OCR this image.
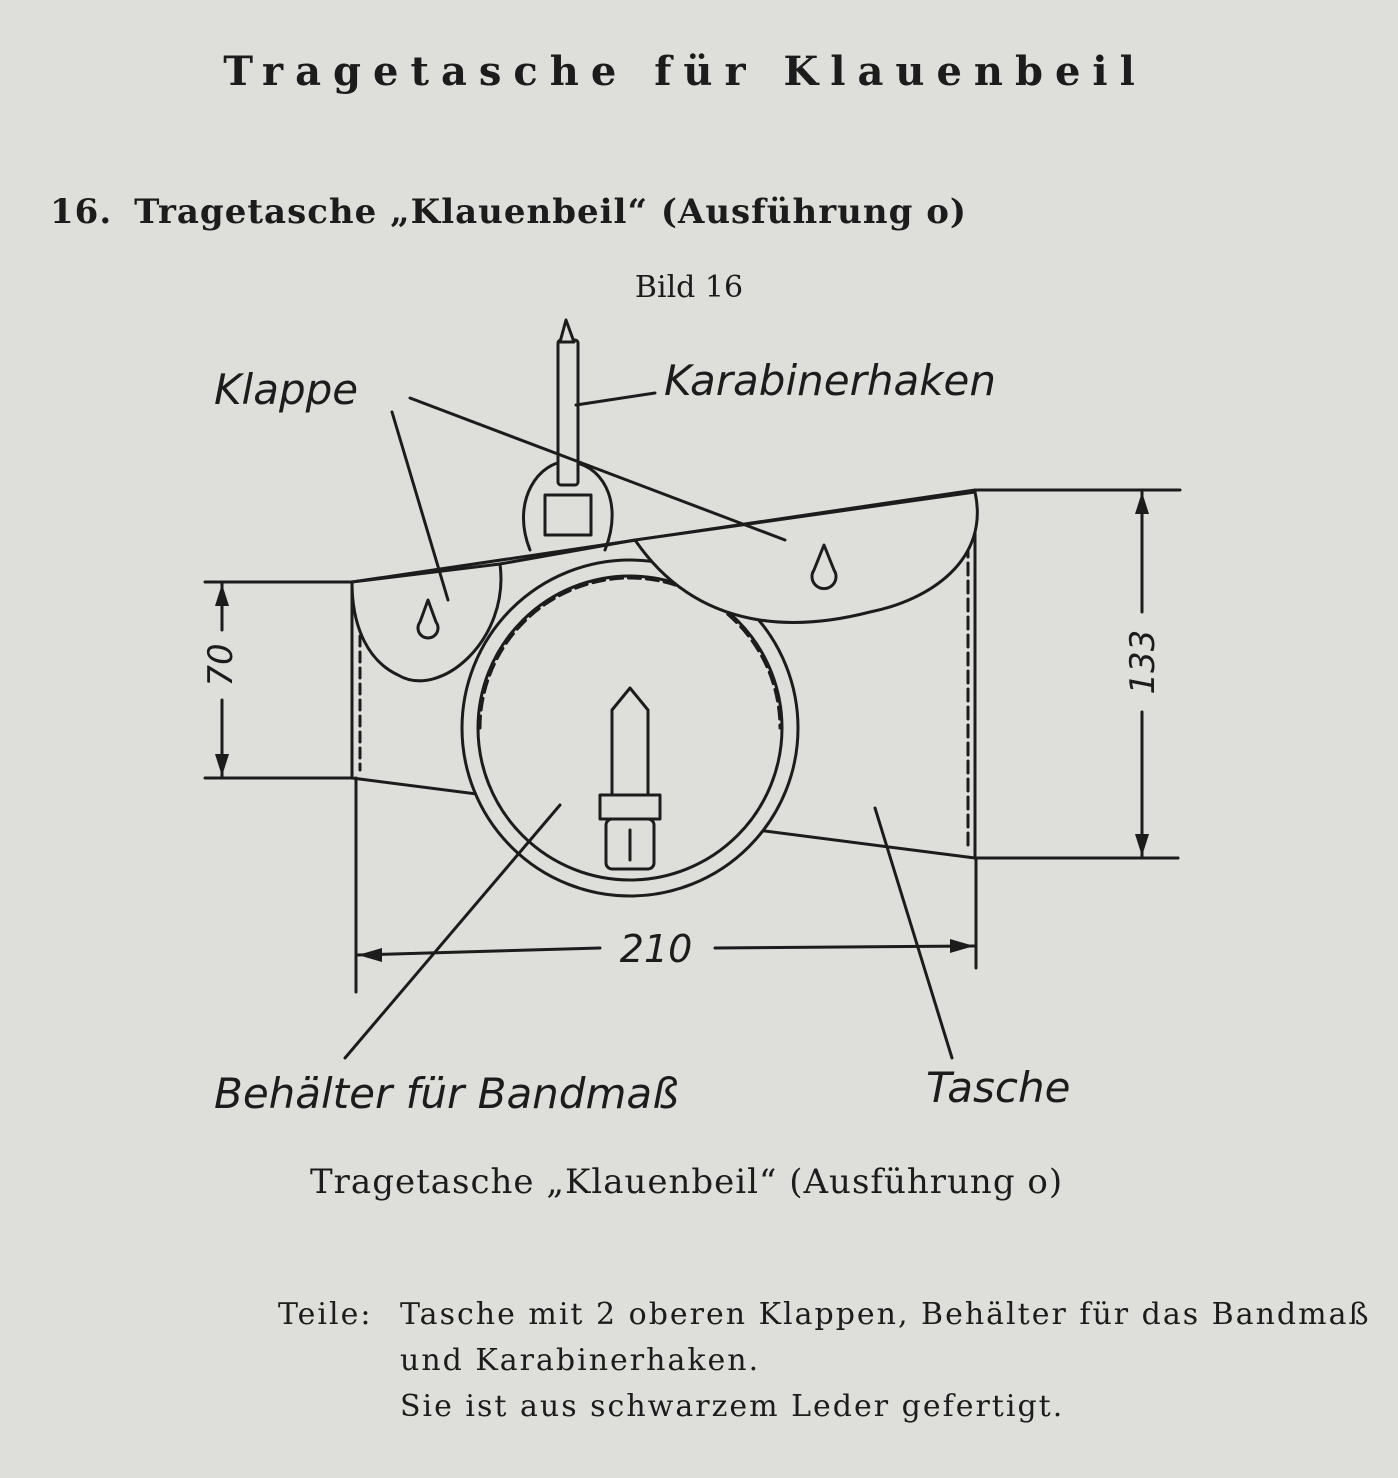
Tragetasche für Klauenbeil
16. Tragetasche „Klauenbeil“ (Ausführung o)
Bild 16
70	133
210
Klappe	Karabinerhaken
Behälter für Bandmaß	Tasche
Tragetasche „Klauenbeil“ (Ausführung o)
Teile: Tasche mit 2 oberen Klappen, Behälter für das Bandmaß
und Karabinerhaken.
Sie ist aus schwarzem Leder gefertigt.
